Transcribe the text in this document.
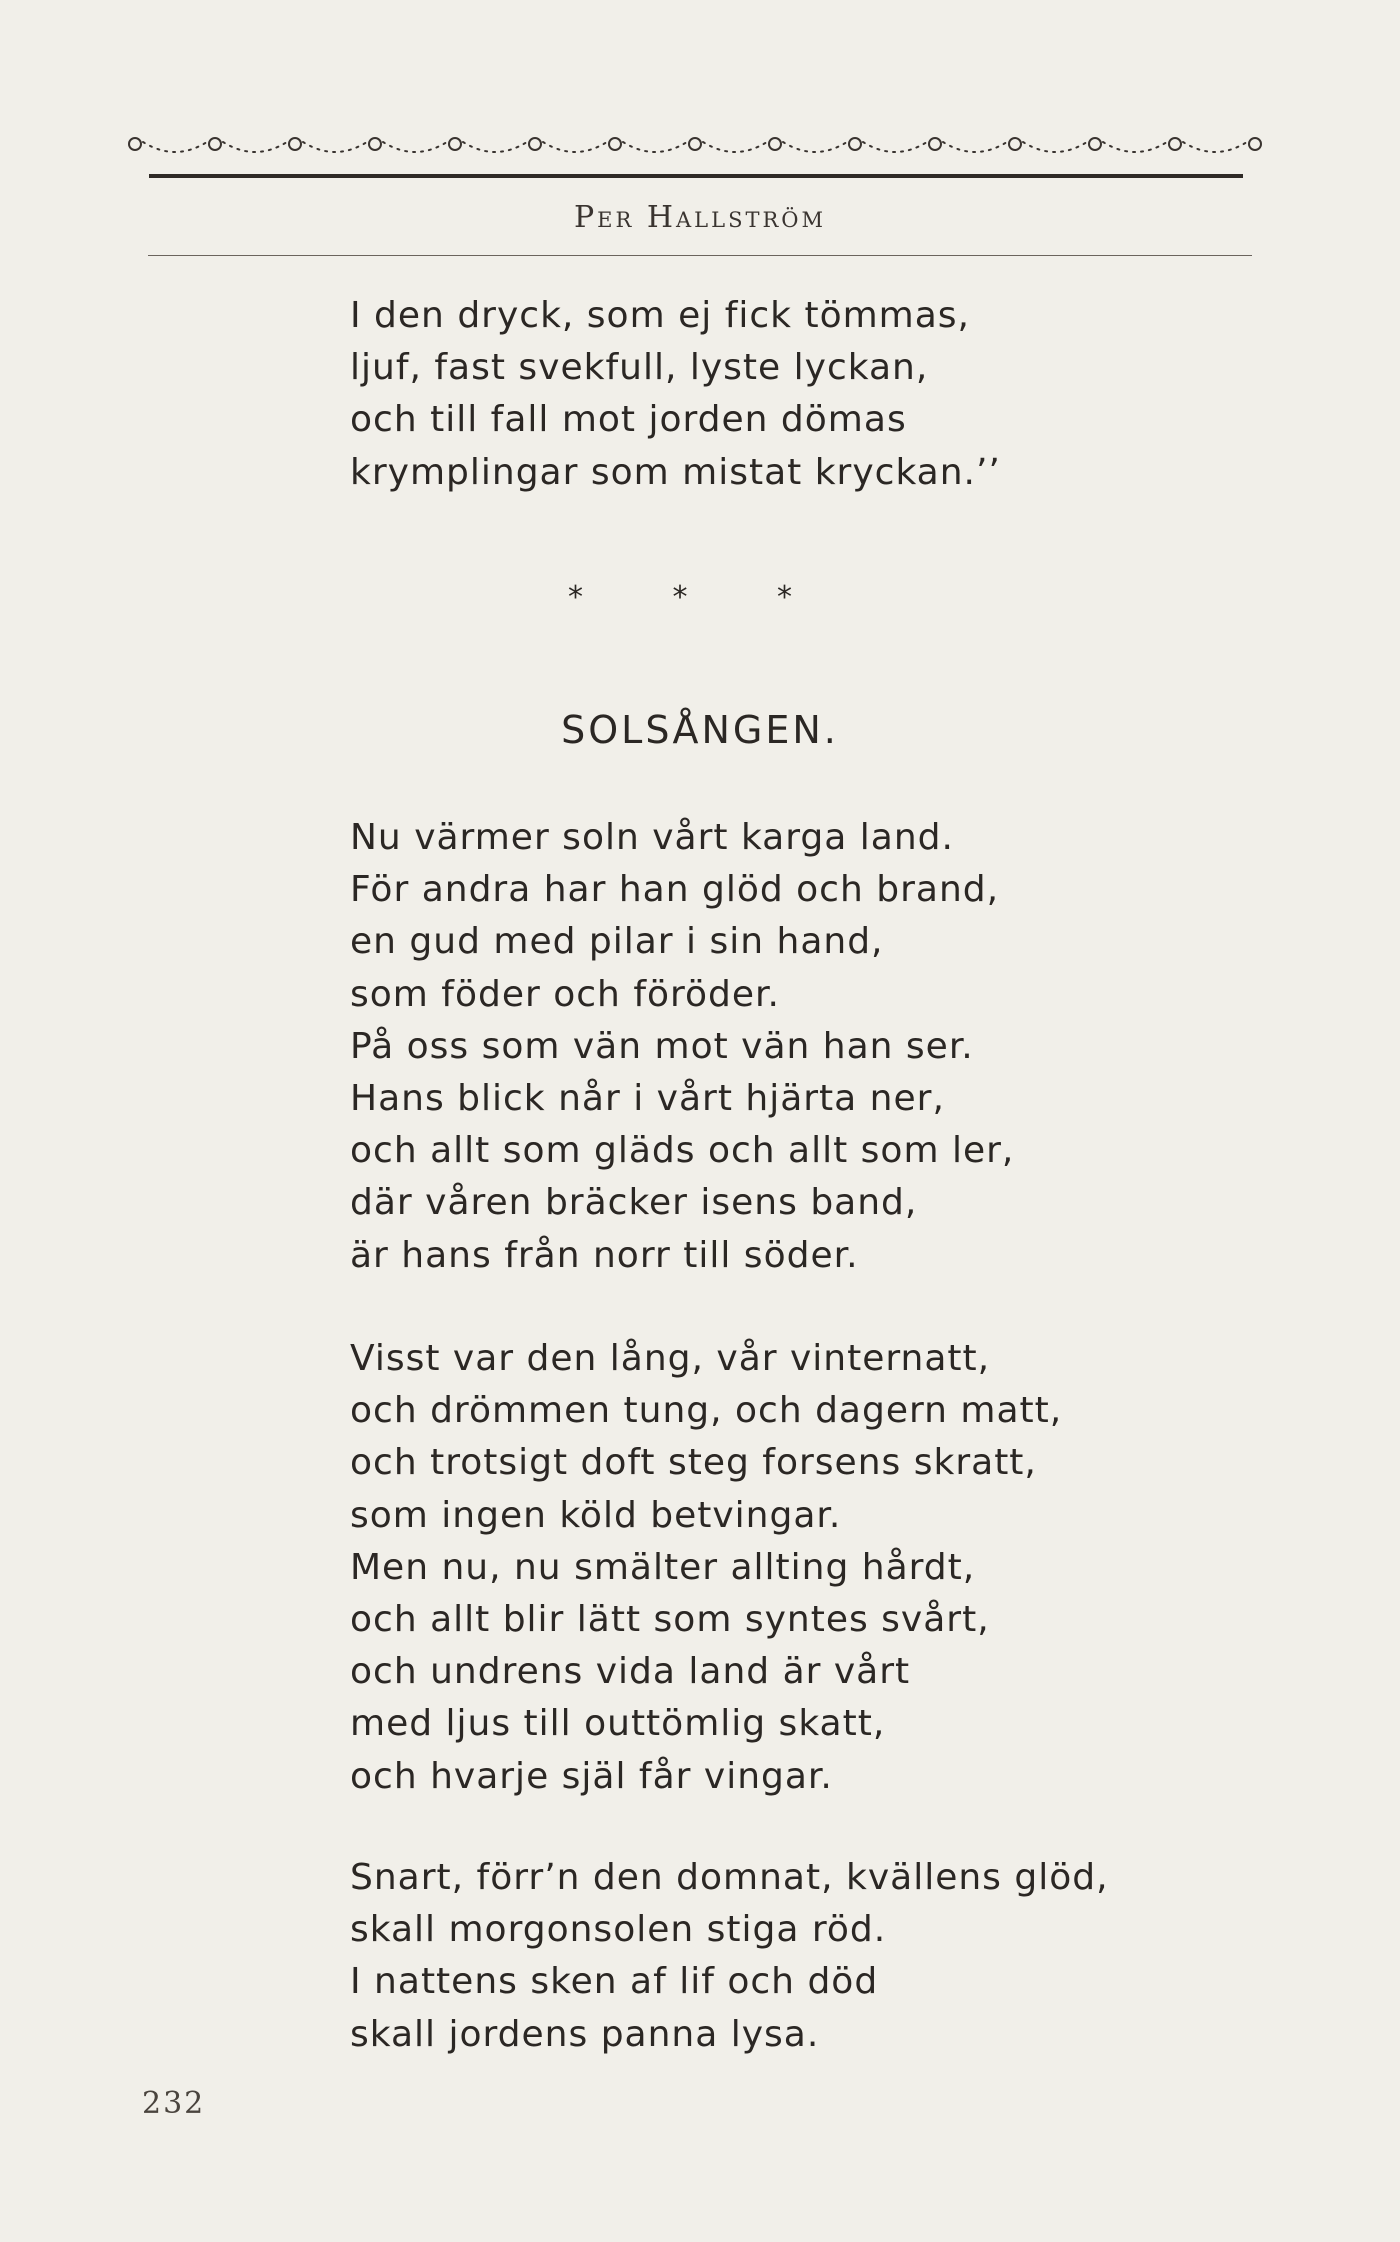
Per Hallström
I den dryck, som ej fick tömmas,
ljuf, fast svekfull, lyste lyckan,
och till fall mot jorden dömas
krymplingar som mistat kryckan.’’
* * *
SOLSÅNGEN.
Nu värmer soln vårt karga land.
För andra har han glöd och brand,
en gud med pilar i sin hand,
som föder och föröder.
På oss som vän mot vän han ser.
Hans blick når i vårt hjärta ner,
och allt som gläds och allt som ler,
där våren bräcker isens band,
är hans från norr till söder.
Visst var den lång, vår vinternatt,
och drömmen tung, och dagern matt,
och trotsigt doft steg forsens skratt,
som ingen köld betvingar.
Men nu, nu smälter allting hårdt,
och allt blir lätt som syntes svårt,
och undrens vida land är vårt
med ljus till outtömlig skatt,
och hvarje själ får vingar.
Snart, förr’n den domnat, kvällens glöd,
skall morgonsolen stiga röd.
I nattens sken af lif och död
skall jordens panna lysa.
232
